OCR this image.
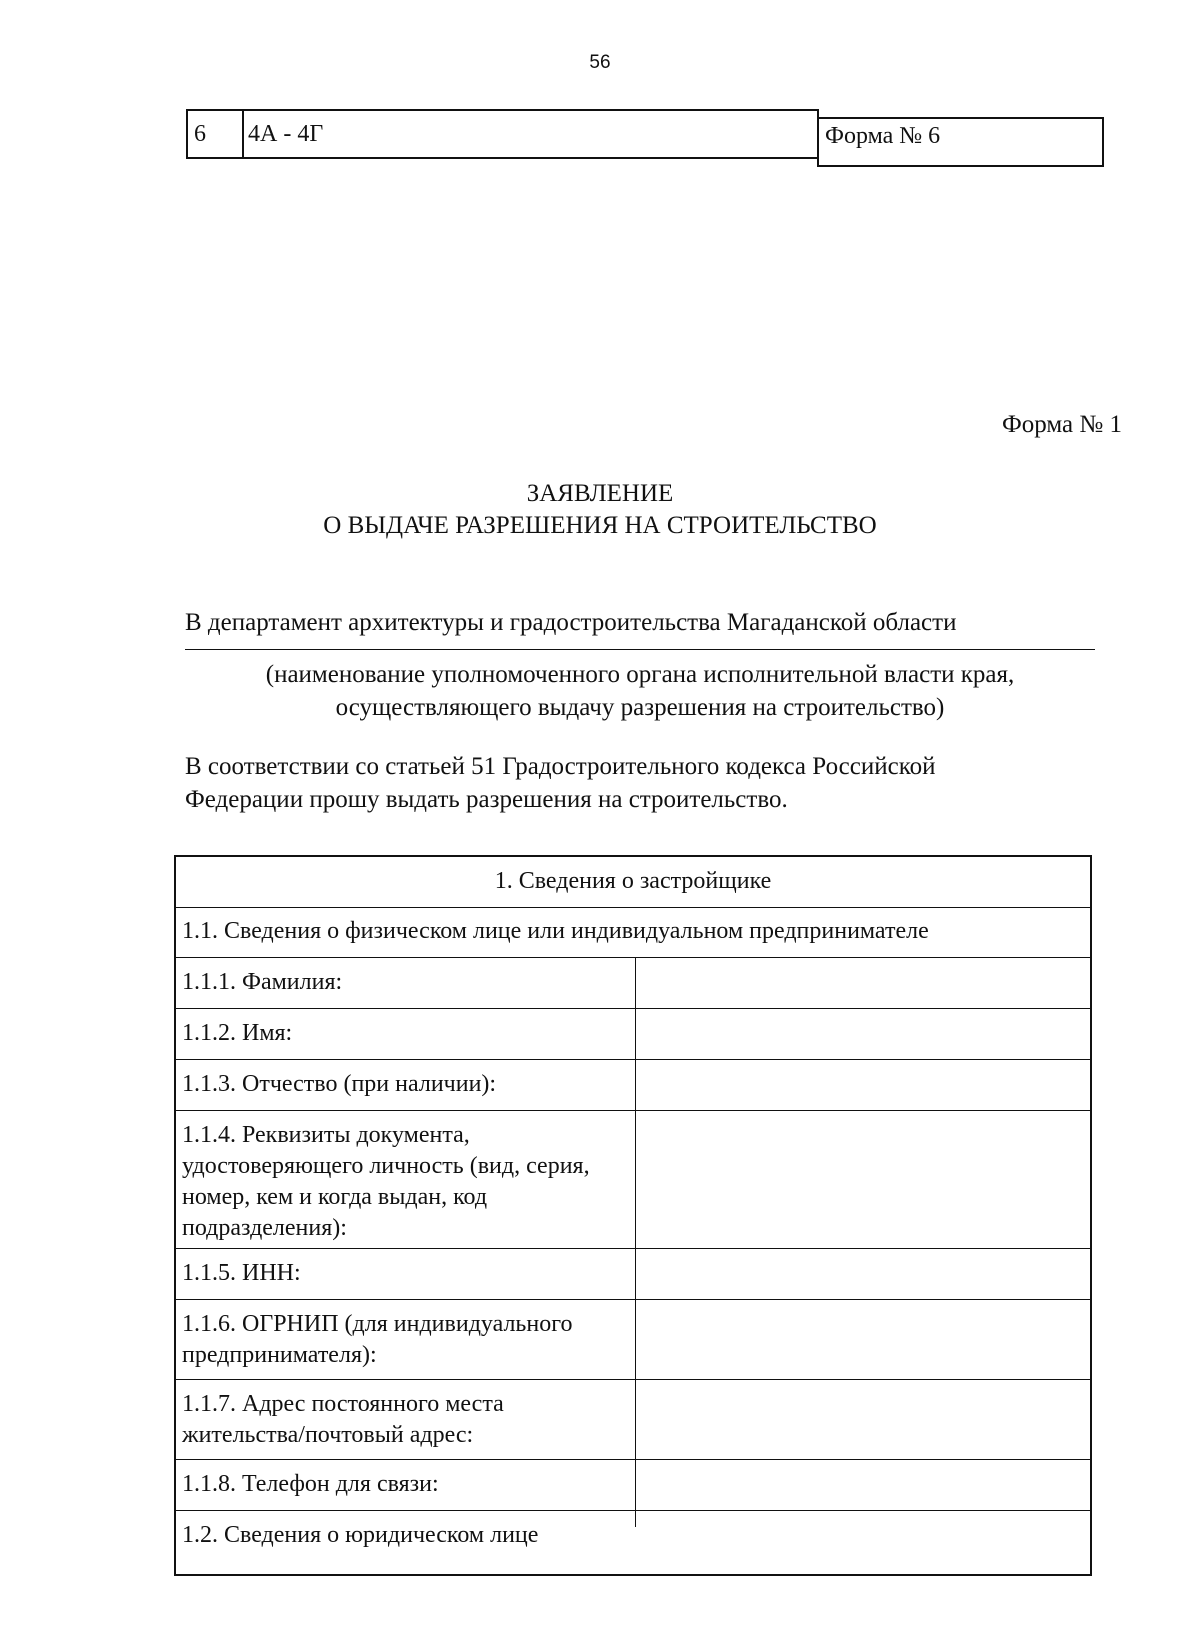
56
6	4А - 4Г	Форма № 6
Форма № 1
ЗАЯВЛЕНИЕ
О ВЫДАЧЕ РАЗРЕШЕНИЯ НА СТРОИТЕЛЬСТВО
В департамент архитектуры и градостроительства Магаданской области
(наименование уполномоченного органа исполнительной власти края,
осуществляющего выдачу разрешения на строительство)
В соответствии со статьей 51 Градостроительного кодекса Российской
Федерации прошу выдать разрешения на строительство.
1. Сведения о застройщике
1.1. Сведения о физическом лице или индивидуальном предпринимателе
1.1.1. Фамилия:
1.1.2. Имя:
1.1.3. Отчество (при наличии):
1.1.4. Реквизиты документа, удостоверяющего личность (вид, серия, номер, кем и когда выдан, код подразделения):
1.1.5. ИНН:
1.1.6. ОГРНИП (для индивидуального предпринимателя):
1.1.7. Адрес постоянного места жительства/почтовый адрес:
1.1.8. Телефон для связи:
1.2. Сведения о юридическом лице
